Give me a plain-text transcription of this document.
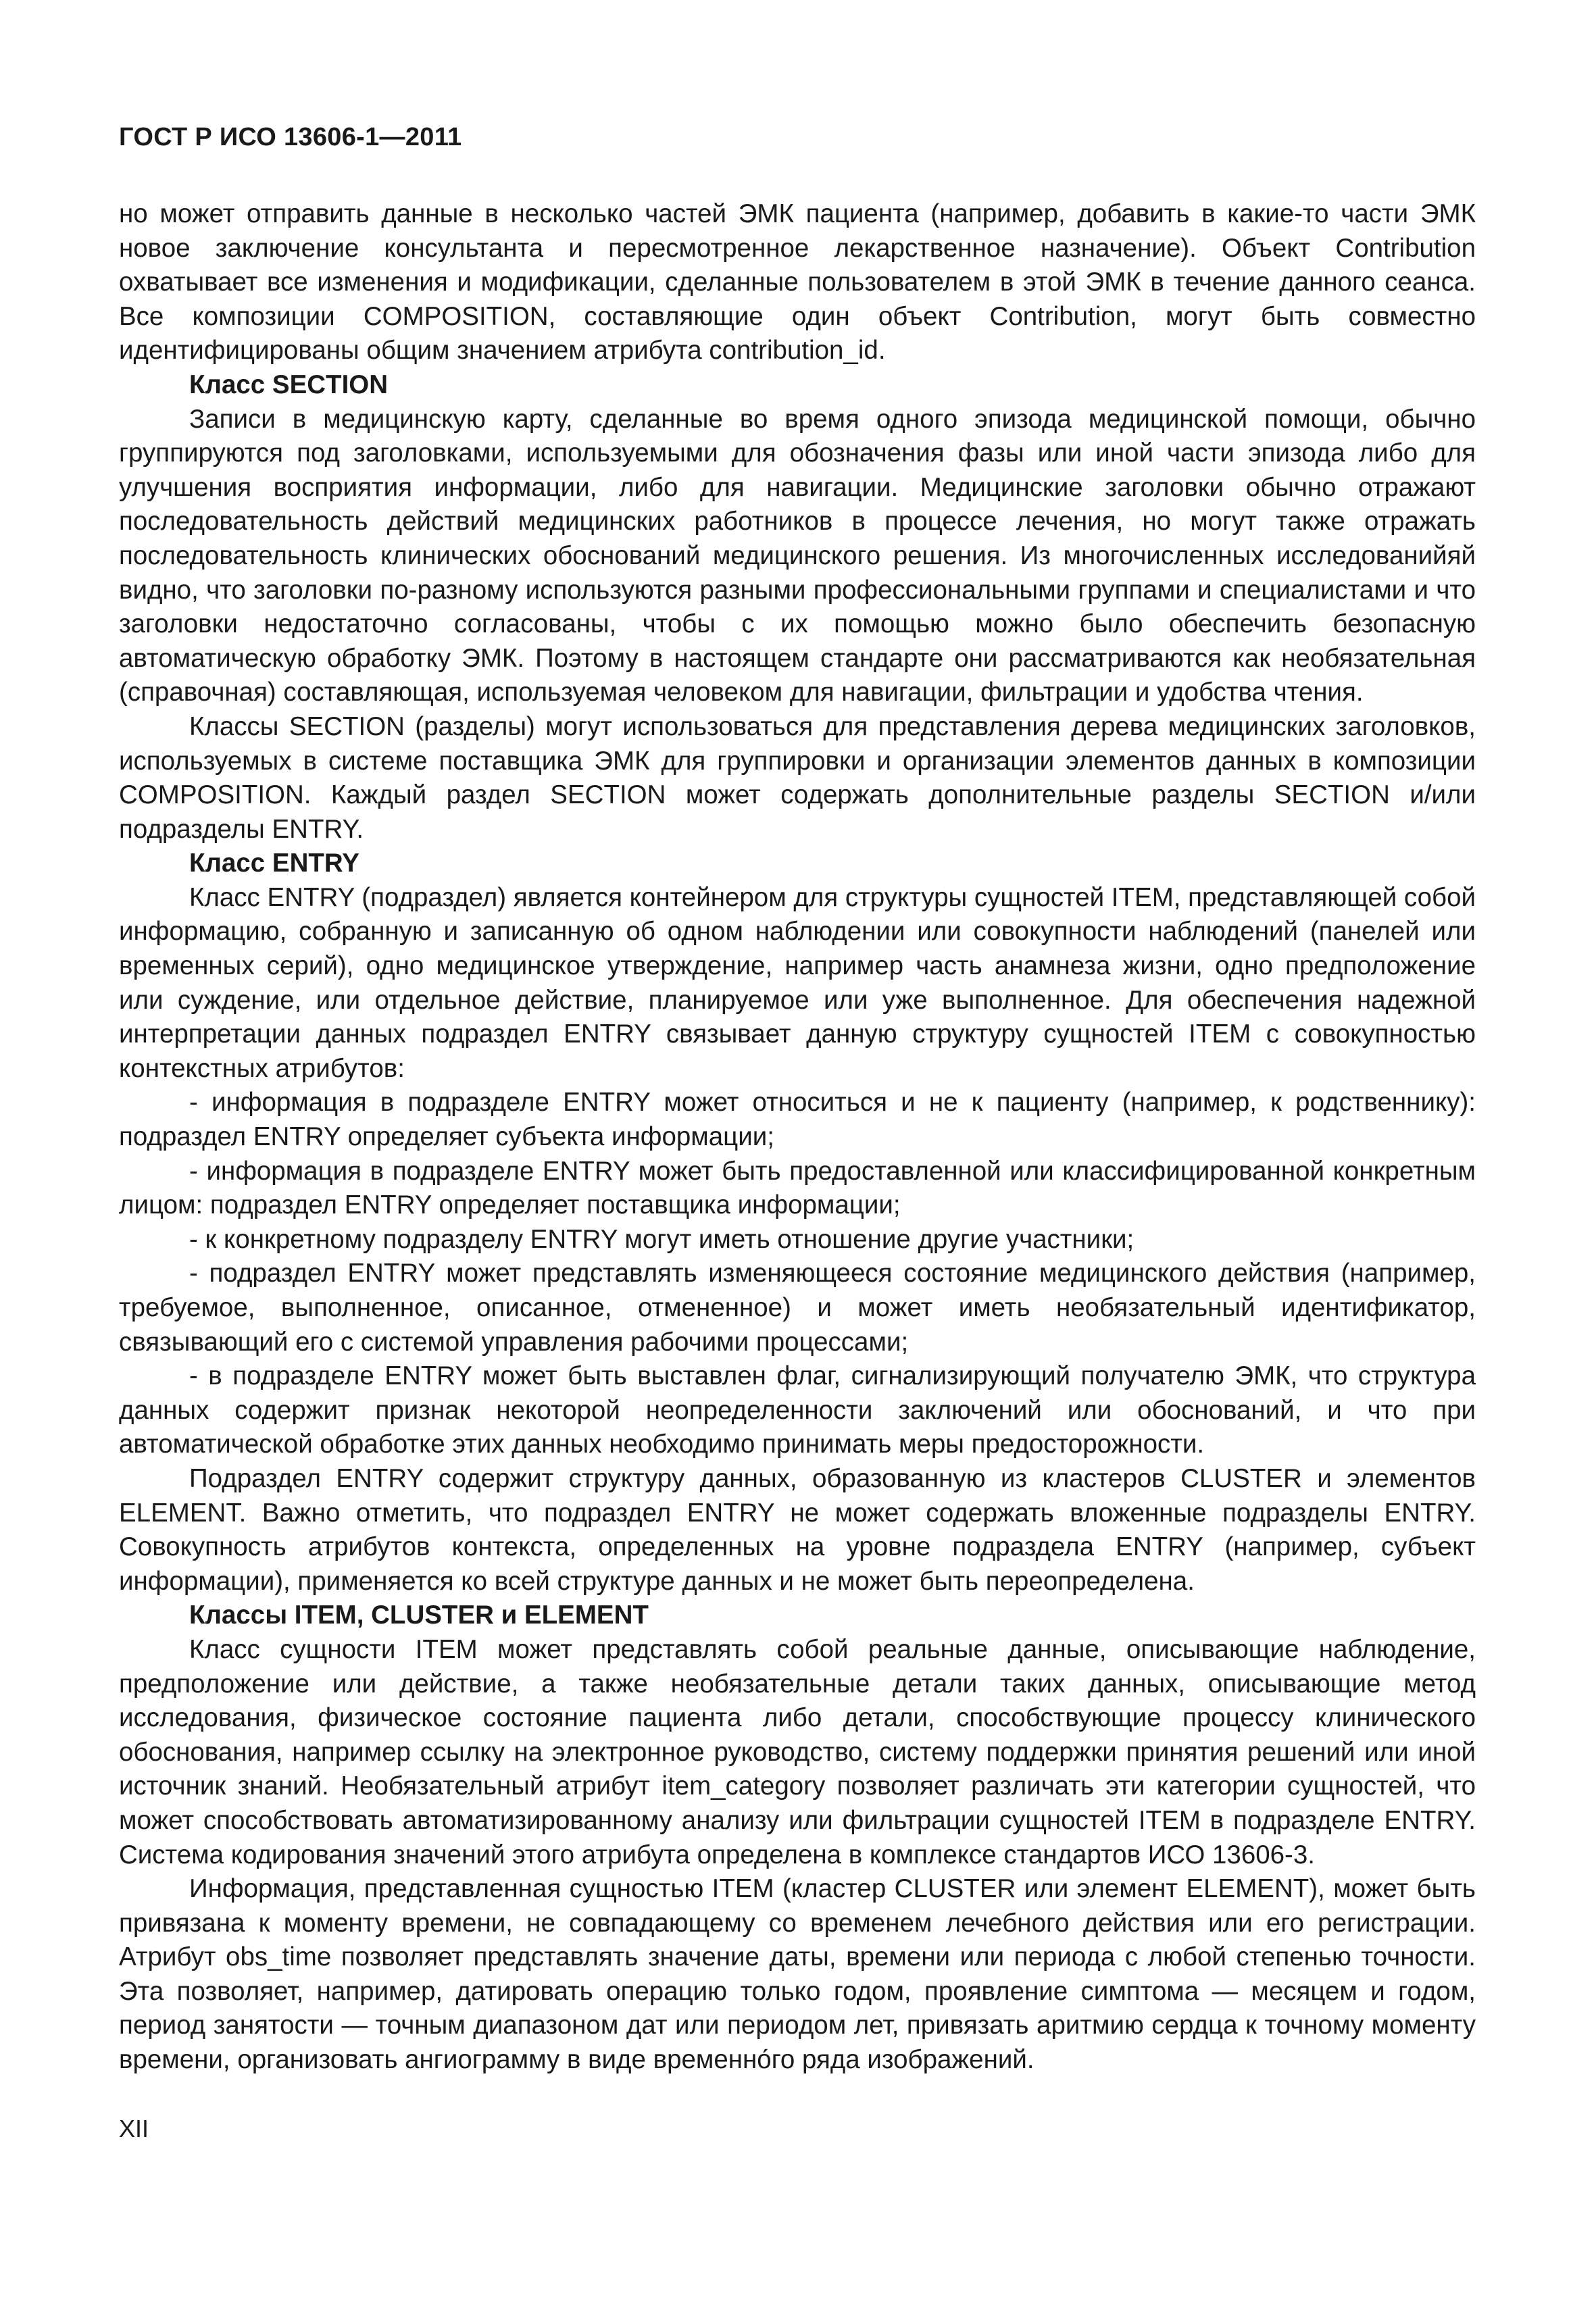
ГОСТ Р ИСО 13606-1—2011

но может отправить данные в несколько частей ЭМК пациента (например, добавить в какие-то части ЭМК новое заключение консультанта и пересмотренное лекарственное назначение). Объект Contribution охватывает все изменения и модификации, сделанные пользователем в этой ЭМК в течение данного сеанса. Все композиции COMPOSITION, составляющие один объект Contribution, могут быть совместно идентифицированы общим значением атрибута contribution_id.

Класс SECTION

Записи в медицинскую карту, сделанные во время одного эпизода медицинской помощи, обычно группируются под заголовками, используемыми для обозначения фазы или иной части эпизода либо для улучшения восприятия информации, либо для навигации. Медицинские заголовки обычно отражают последовательность действий медицинских работников в процессе лечения, но могут также отражать последовательность клинических обоснований медицинского решения. Из многочисленных исследованийяй видно, что заголовки по-разному используются разными профессиональными группами и специалистами и что заголовки недостаточно согласованы, чтобы с их помощью можно было обеспечить безопасную автоматическую обработку ЭМК. Поэтому в настоящем стандарте они рассматриваются как необязательная (справочная) составляющая, используемая человеком для навигации, фильтрации и удобства чтения.

Классы SECTION (разделы) могут использоваться для представления дерева медицинских заголовков, используемых в системе поставщика ЭМК для группировки и организации элементов данных в композиции COMPOSITION. Каждый раздел SECTION может содержать дополнительные разделы SECTION и/или подразделы ENTRY.

Класс ENTRY

Класс ENTRY (подраздел) является контейнером для структуры сущностей ITEM, представляющей собой информацию, собранную и записанную об одном наблюдении или совокупности наблюдений (панелей или временных серий), одно медицинское утверждение, например часть анамнеза жизни, одно предположение или суждение, или отдельное действие, планируемое или уже выполненное. Для обеспечения надежной интерпретации данных подраздел ENTRY связывает данную структуру сущностей ITEM с совокупностью контекстных атрибутов:

- информация в подразделе ENTRY может относиться и не к пациенту (например, к родственнику): подраздел ENTRY определяет субъекта информации;

- информация в подразделе ENTRY может быть предоставленной или классифицированной конкретным лицом: подраздел ENTRY определяет поставщика информации;

- к конкретному подразделу ENTRY могут иметь отношение другие участники;

- подраздел ENTRY может представлять изменяющееся состояние медицинского действия (например, требуемое, выполненное, описанное, отмененное) и может иметь необязательный идентификатор, связывающий его с системой управления рабочими процессами;

- в подразделе ENTRY может быть выставлен флаг, сигнализирующий получателю ЭМК, что структура данных содержит признак некоторой неопределенности заключений или обоснований, и что при автоматической обработке этих данных необходимо принимать меры предосторожности.

Подраздел ENTRY содержит структуру данных, образованную из кластеров CLUSTER и элементов ELEMENT. Важно отметить, что подраздел ENTRY не может содержать вложенные подразделы ENTRY. Совокупность атрибутов контекста, определенных на уровне подраздела ENTRY (например, субъект информации), применяется ко всей структуре данных и не может быть переопределена.

Классы ITEM, CLUSTER и ELEMENT

Класс сущности ITEM может представлять собой реальные данные, описывающие наблюдение, предположение или действие, а также необязательные детали таких данных, описывающие метод исследования, физическое состояние пациента либо детали, способствующие процессу клинического обоснования, например ссылку на электронное руководство, систему поддержки принятия решений или иной источник знаний. Необязательный атрибут item_category позволяет различать эти категории сущностей, что может способствовать автоматизированному анализу или фильтрации сущностей ITEM в подразделе ENTRY. Система кодирования значений этого атрибута определена в комплексе стандартов ИСО 13606-3.

Информация, представленная сущностью ITEM (кластер CLUSTER или элемент ELEMENT), может быть привязана к моменту времени, не совпадающему со временем лечебного действия или его регистрации. Атрибут obs_time позволяет представлять значение даты, времени или периода с любой степенью точности. Эта позволяет, например, датировать операцию только годом, проявление симптома — месяцем и годом, период занятости — точным диапазоном дат или периодом лет, привязать аритмию сердца к точному моменту времени, организовать ангиограмму в виде временно́го ряда изображений.

XII
